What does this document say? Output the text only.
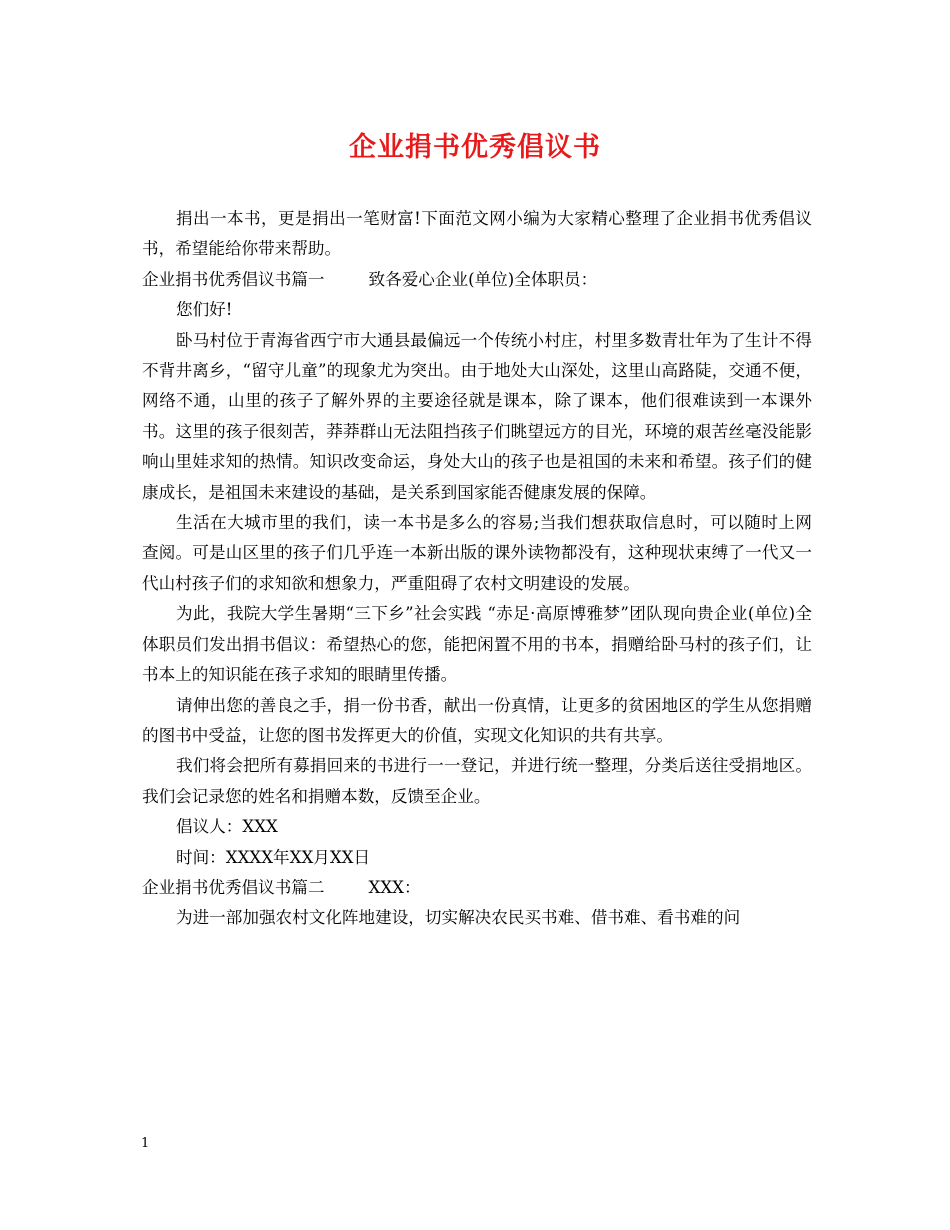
企业捐书优秀倡议书

捐出一本书，更是捐出一笔财富!下面范文网小编为大家精心整理了企业捐书优秀倡议书，希望能给你带来帮助。

企业捐书优秀倡议书篇一	致各爱心企业(单位)全体职员：

您们好!

卧马村位于青海省西宁市大通县最偏远一个传统小村庄，村里多数青壮年为了生计不得不背井离乡，“留守儿童”的现象尤为突出。由于地处大山深处，这里山高路陡，交通不便，网络不通，山里的孩子了解外界的主要途径就是课本，除了课本，他们很难读到一本课外书。这里的孩子很刻苦，莽莽群山无法阻挡孩子们眺望远方的目光，环境的艰苦丝毫没能影响山里娃求知的热情。知识改变命运，身处大山的孩子也是祖国的未来和希望。孩子们的健康成长，是祖国未来建设的基础，是关系到国家能否健康发展的保障。

生活在大城市里的我们，读一本书是多么的容易;当我们想获取信息时，可以随时上网查阅。可是山区里的孩子们几乎连一本新出版的课外读物都没有，这种现状束缚了一代又一代山村孩子们的求知欲和想象力，严重阻碍了农村文明建设的发展。

为此，我院大学生暑期“三下乡”社会实践 “赤足·高原博雅梦”团队现向贵企业(单位)全体职员们发出捐书倡议：希望热心的您，能把闲置不用的书本，捐赠给卧马村的孩子们，让书本上的知识能在孩子求知的眼睛里传播。

请伸出您的善良之手，捐一份书香，献出一份真情，让更多的贫困地区的学生从您捐赠的图书中受益，让您的图书发挥更大的价值，实现文化知识的共有共享。

我们将会把所有募捐回来的书进行一一登记，并进行统一整理，分类后送往受捐地区。我们会记录您的姓名和捐赠本数，反馈至企业。

倡议人：XXX

时间：XXXX年XX月XX日

企业捐书优秀倡议书篇二	XXX：

为进一部加强农村文化阵地建设，切实解决农民买书难、借书难、看书难的问

1
